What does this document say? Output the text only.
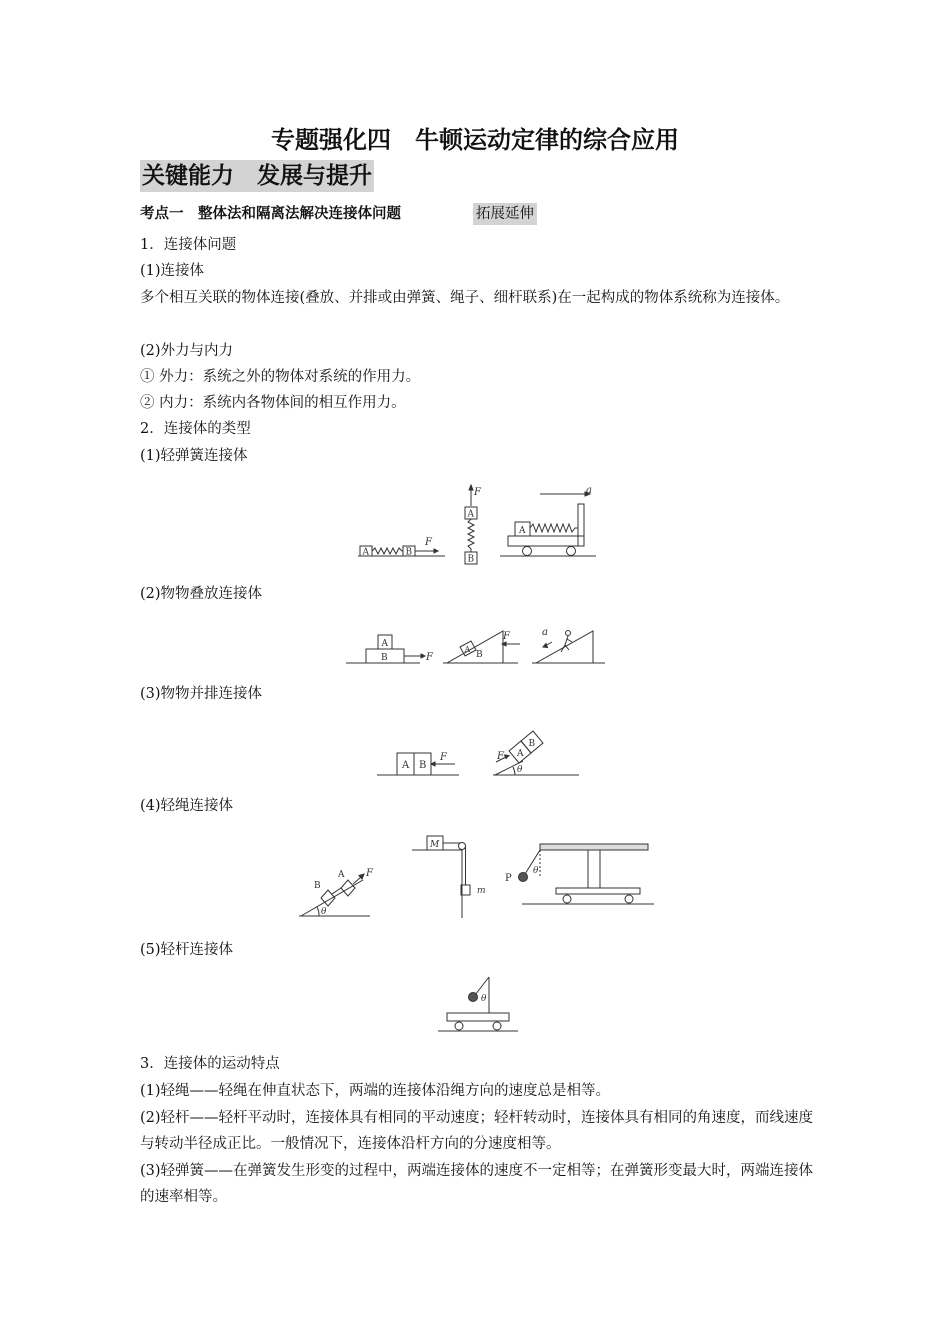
专题强化四　牛顿运动定律的综合应用
关键能力　发展与提升
考点一　整体法和隔离法解决连接体问题	拓展延伸
1．连接体问题
(1)连接体
多个相互关联的物体连接(叠放、并排或由弹簧、绳子、细杆联系)在一起构成的物体系统称为连接体。
(2)外力与内力
① 外力：系统之外的物体对系统的作用力。
② 内力：系统内各物体间的相互作用力。
2．连接体的类型
(1)轻弹簧连接体
A	B
F
F
A
B
a
A
(2)物物叠放连接体
B
A
F	B
A
F	a
(3)物物并排连接体
A B
F	A
B
F
θ
(4)轻绳连接体
B
A F
θ
M
m
P
θ
(5)轻杆连接体
θ
3．连接体的运动特点
(1)轻绳——轻绳在伸直状态下，两端的连接体沿绳方向的速度总是相等。
(2)轻杆——轻杆平动时，连接体具有相同的平动速度；轻杆转动时，连接体具有相同的角速度，而线速度与转动半径成正比。一般情况下，连接体沿杆方向的分速度相等。
(3)轻弹簧——在弹簧发生形变的过程中，两端连接体的速度不一定相等；在弹簧形变最大时，两端连接体的速率相等。
